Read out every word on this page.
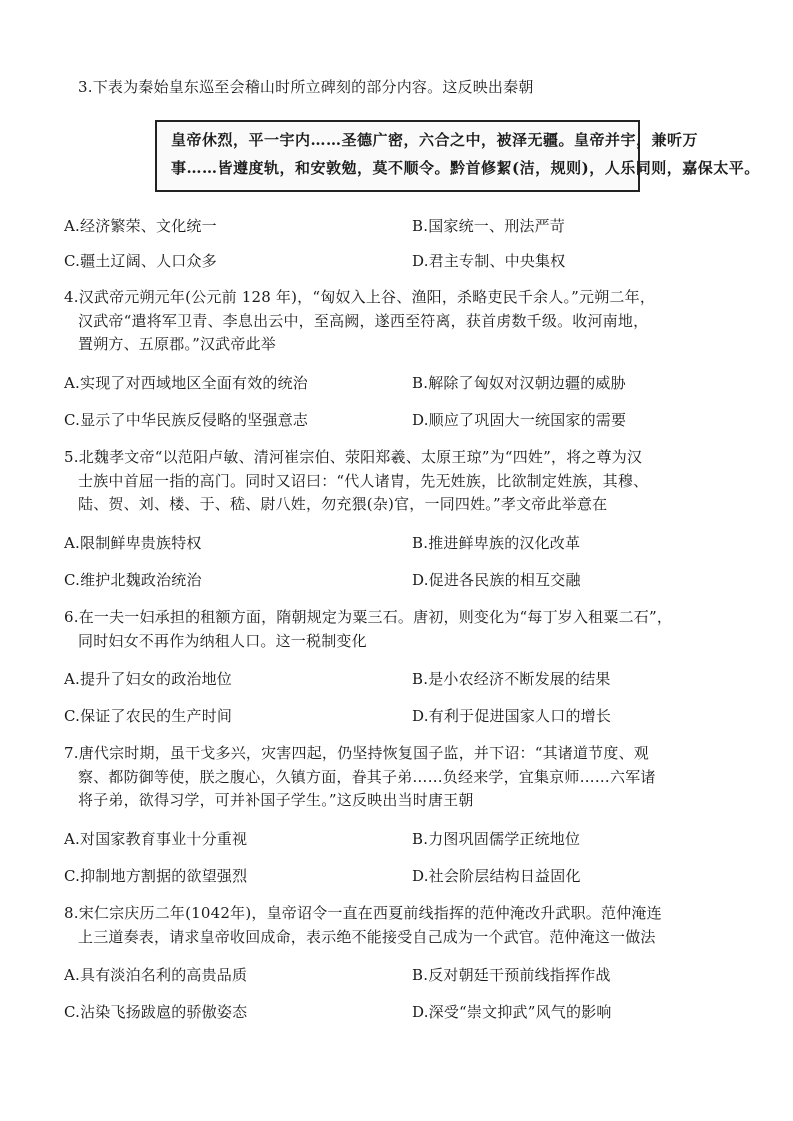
3.下表为秦始皇东巡至会稽山时所立碑刻的部分内容。这反映出秦朝
皇帝休烈，平一宇内……圣德广密，六合之中，被泽无疆。皇帝并宇，兼听万
事……皆遵度轨，和安敦勉，莫不顺令。黔首修絜(洁，规则)，人乐同则，嘉保太平。
A.经济繁荣、文化统一	B.国家统一、刑法严苛
C.疆土辽阔、人口众多	D.君主专制、中央集权
4.汉武帝元朔元年(公元前 128 年)，“匈奴入上谷、渔阳，杀略吏民千余人。”元朔二年，
汉武帝“遣将军卫青、李息出云中，至高阙，遂西至符离，获首虏数千级。收河南地，
置朔方、五原郡。”汉武帝此举
A.实现了对西域地区全面有效的统治	B.解除了匈奴对汉朝边疆的威胁
C.显示了中华民族反侵略的坚强意志	D.顺应了巩固大一统国家的需要
5.北魏孝文帝“以范阳卢敏、清河崔宗伯、荥阳郑羲、太原王琼”为“四姓”，将之尊为汉
士族中首屈一指的高门。同时又诏曰：“代人诸胄，先无姓族，比欲制定姓族，其穆、
陆、贺、刘、楼、于、嵇、尉八姓，勿充猥(杂)官，一同四姓。”孝文帝此举意在
A.限制鲜卑贵族特权	B.推进鲜卑族的汉化改革
C.维护北魏政治统治	D.促进各民族的相互交融
6.在一夫一妇承担的租额方面，隋朝规定为粟三石。唐初，则变化为“每丁岁入租粟二石”，
同时妇女不再作为纳租人口。这一税制变化
A.提升了妇女的政治地位	B.是小农经济不断发展的结果
C.保证了农民的生产时间	D.有利于促进国家人口的增长
7.唐代宗时期，虽干戈多兴，灾害四起，仍坚持恢复国子监，并下诏：“其诸道节度、观
察、都防御等使，朕之腹心，久镇方面，眷其子弟……负经来学，宜集京师……六军诸
将子弟，欲得习学，可并补国子学生。”这反映出当时唐王朝
A.对国家教育事业十分重视	B.力图巩固儒学正统地位
C.抑制地方割据的欲望强烈	D.社会阶层结构日益固化
8.宋仁宗庆历二年(1042年)，皇帝诏令一直在西夏前线指挥的范仲淹改升武职。范仲淹连
上三道奏表，请求皇帝收回成命，表示绝不能接受自己成为一个武官。范仲淹这一做法
A.具有淡泊名利的高贵品质	B.反对朝廷干预前线指挥作战
C.沾染飞扬跋扈的骄傲姿态	D.深受“崇文抑武”风气的影响
